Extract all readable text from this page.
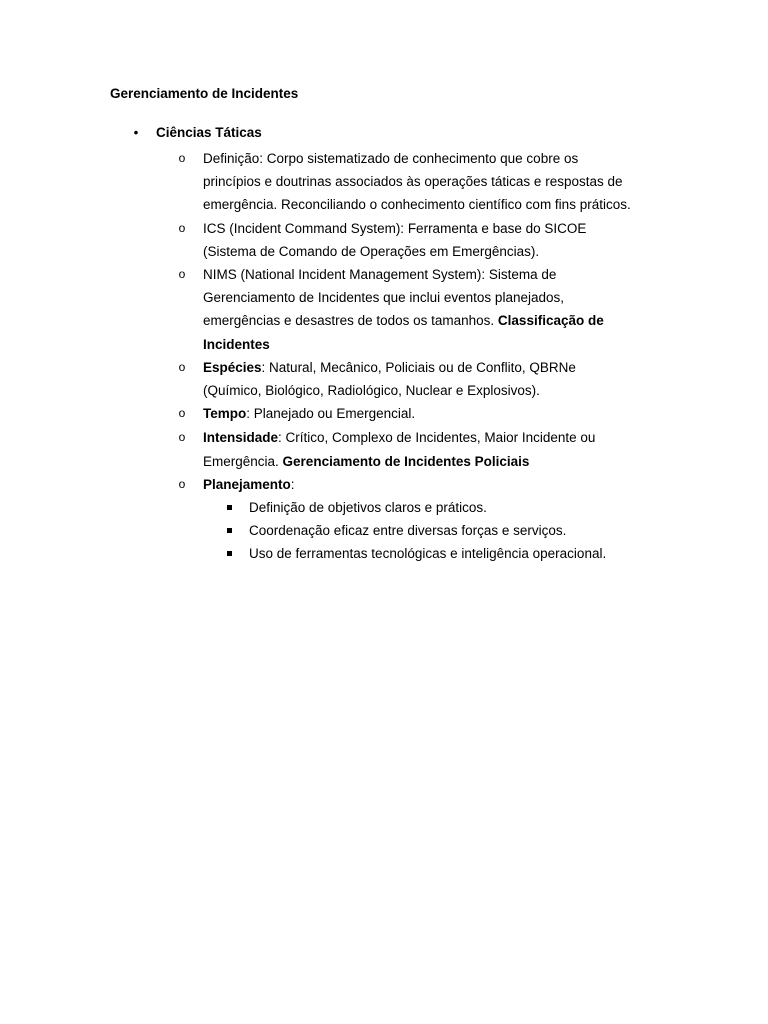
Gerenciamento de Incidentes
• Ciências Táticas
o Definição: Corpo sistematizado de conhecimento que cobre os
princípios e doutrinas associados às operações táticas e respostas de
emergência. Reconciliando o conhecimento científico com fins práticos.
o ICS (Incident Command System): Ferramenta e base do SICOE
(Sistema de Comando de Operações em Emergências).
o NIMS (National Incident Management System): Sistema de
Gerenciamento de Incidentes que inclui eventos planejados,
emergências e desastres de todos os tamanhos. Classificação de
Incidentes
o Espécies: Natural, Mecânico, Policiais ou de Conflito, QBRNe
(Químico, Biológico, Radiológico, Nuclear e Explosivos).
o Tempo: Planejado ou Emergencial.
o Intensidade: Crítico, Complexo de Incidentes, Maior Incidente ou
Emergência. Gerenciamento de Incidentes Policiais
o Planejamento:
Definição de objetivos claros e práticos.
Coordenação eficaz entre diversas forças e serviços.
Uso de ferramentas tecnológicas e inteligência operacional.
